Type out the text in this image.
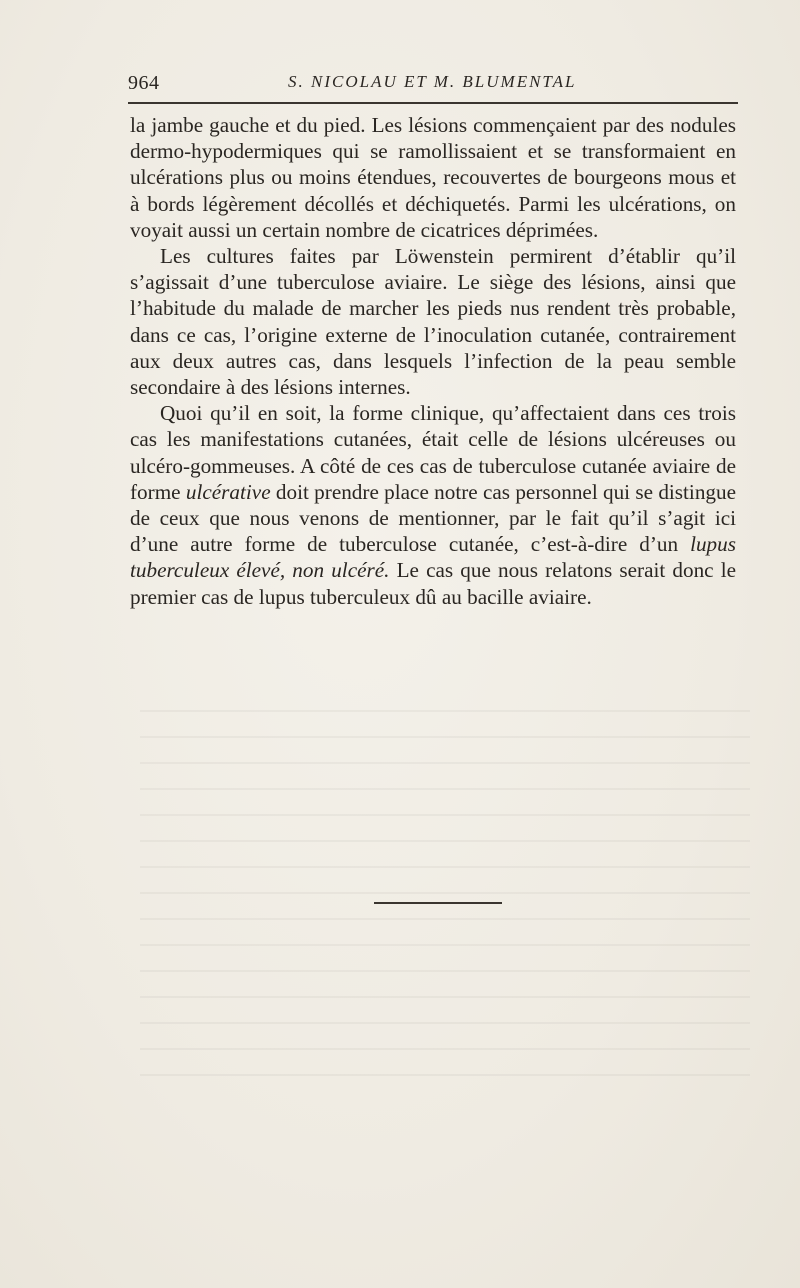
964	S. NICOLAU ET M. BLUMENTAL

la jambe gauche et du pied. Les lésions commençaient par des nodules dermo-hypodermiques qui se ramollissaient et se transformaient en ulcérations plus ou moins étendues, recouvertes de bourgeons mous et à bords légèrement décollés et déchiquetés. Parmi les ulcérations, on voyait aussi un certain nombre de cicatrices déprimées.

Les cultures faites par Löwenstein permirent d’établir qu’il s’agissait d’une tuberculose aviaire. Le siège des lésions, ainsi que l’habitude du malade de marcher les pieds nus rendent très probable, dans ce cas, l’origine externe de l’inoculation cutanée, contrairement aux deux autres cas, dans lesquels l’infection de la peau semble secondaire à des lésions internes.

Quoi qu’il en soit, la forme clinique, qu’affectaient dans ces trois cas les manifestations cutanées, était celle de lésions ulcéreuses ou ulcéro-gommeuses. A côté de ces cas de tuberculose cutanée aviaire de forme ulcérative doit prendre place notre cas personnel qui se distingue de ceux que nous venons de mentionner, par le fait qu’il s’agit ici d’une autre forme de tuberculose cutanée, c’est-à-dire d’un lupus tuberculeux élevé, non ulcéré. Le cas que nous relatons serait donc le premier cas de lupus tuberculeux dû au bacille aviaire.
